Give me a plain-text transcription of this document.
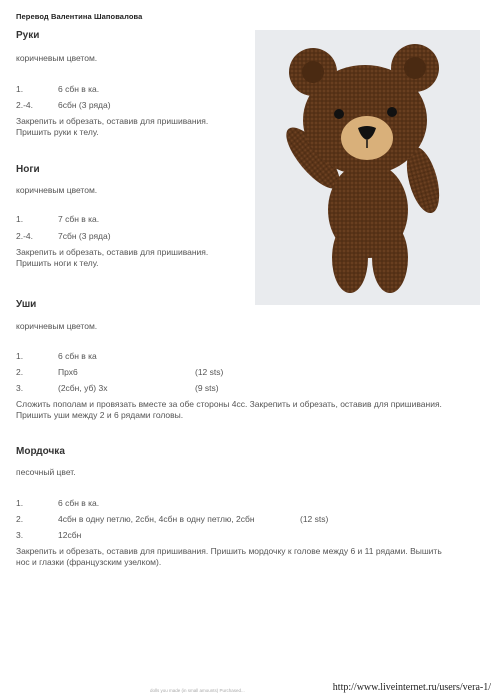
Перевод Валентина Шаповалова
Руки
коричневым цветом.
1.	6 сбн в ка.
2.-4.	6сбн (3 ряда)
Закрепить и обрезать, оставив для пришивания.
Пришить руки к телу.
Ноги
коричневым цветом.
1.	7 сбн в ка.
2.-4.	7сбн (3 ряда)
Закрепить и обрезать, оставив для пришивания.
Пришить ноги к телу.
Уши
коричневым цветом.
1.	6 сбн в ка
2.	Прх6	(12 sts)
3.	(2сбн, уб) 3х	(9 sts)
Сложить пополам и провязать вместе за обе стороны 4сс. Закрепить и обрезать, оставив для пришивания.
Пришить уши между 2 и 6 рядами головы.
Мордочка
песочный цвет.
1.	6 сбн в ка.
2.	4сбн в одну петлю, 2сбн, 4сбн в одну петлю, 2сбн	(12 sts)
3.	12сбн
Закрепить и обрезать, оставив для пришивания. Пришить мордочку к голове между 6 и 11 рядами. Вышить
нос и глазки (французским узелком).
dolls you made (in small amounts) Purchased...	http://www.liveinternet.ru/users/vera-1/
